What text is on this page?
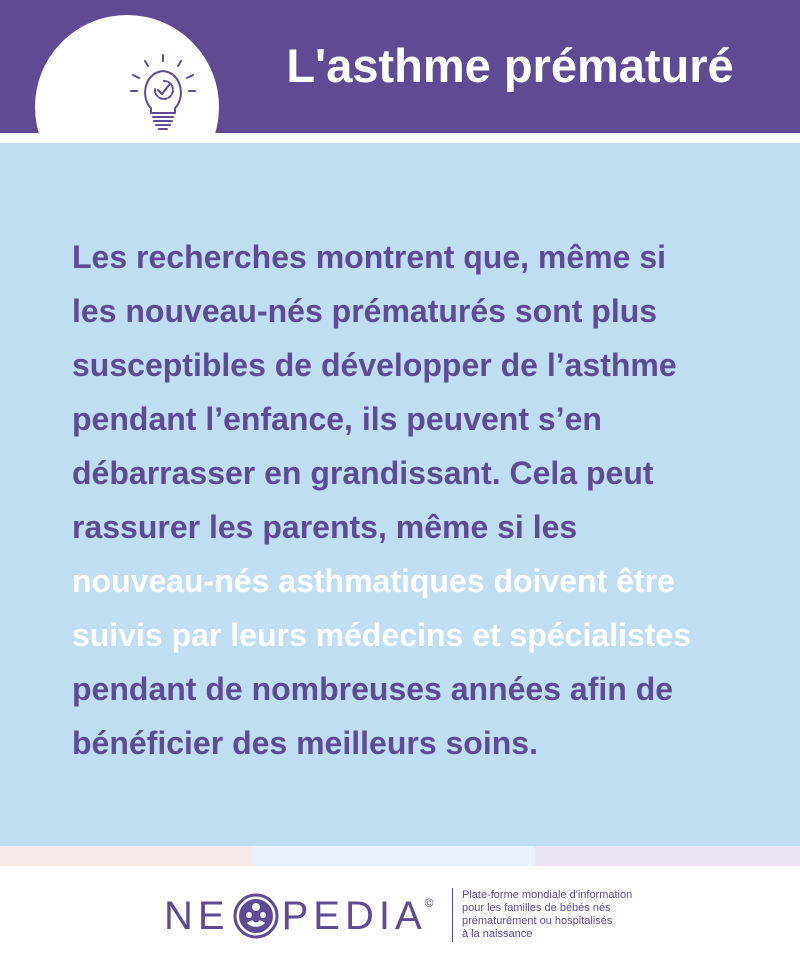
L'asthme prématuré
Les recherches montrent que, même si
les nouveau-nés prématurés sont plus
susceptibles de développer de l’asthme
pendant l’enfance, ils peuvent s’en
débarrasser en grandissant. Cela peut
rassurer les parents, même si les
nouveau-nés asthmatiques doivent être
suivis par leurs médecins et spécialistes
pendant de nombreuses années afin de
bénéficier des meilleurs soins.
NE PEDIA
©
Plate-forme mondiale d'information
pour les familles de bébés nés
prématurément ou hospitalisés
à la naissance
